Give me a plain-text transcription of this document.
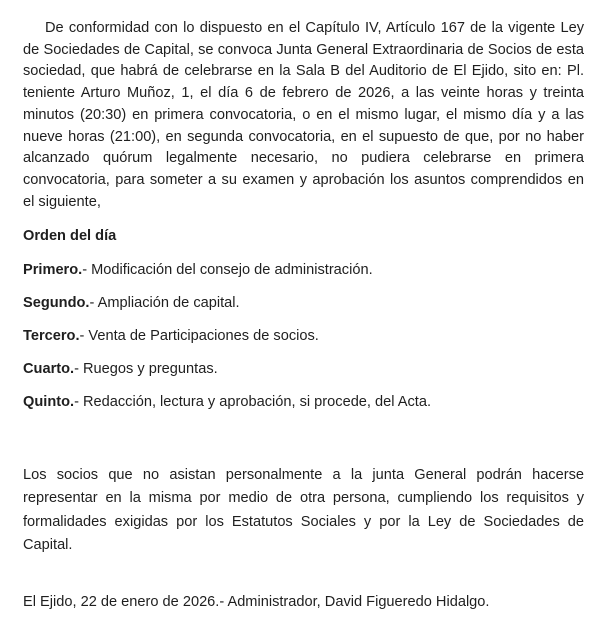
De conformidad con lo dispuesto en el Capítulo IV, Artículo 167 de la vigente Ley de Sociedades de Capital, se convoca Junta General Extraordinaria de Socios de esta sociedad, que habrá de celebrarse en la Sala B del Auditorio de El Ejido, sito en: Pl. teniente Arturo Muñoz, 1, el día 6 de febrero de 2026, a las veinte horas y treinta minutos (20:30) en primera convocatoria, o en el mismo lugar, el mismo día y a las nueve horas (21:00), en segunda convocatoria, en el supuesto de que, por no haber alcanzado quórum legalmente necesario, no pudiera celebrarse en primera convocatoria, para someter a su examen y aprobación los asuntos comprendidos en el siguiente,

Orden del día

Primero.- Modificación del consejo de administración.

Segundo.- Ampliación de capital.

Tercero.- Venta de Participaciones de socios.

Cuarto.- Ruegos y preguntas.

Quinto.- Redacción, lectura y aprobación, si procede, del Acta.

Los socios que no asistan personalmente a la junta General podrán hacerse representar en la misma por medio de otra persona, cumpliendo los requisitos y formalidades exigidas por los Estatutos Sociales y por la Ley de Sociedades de Capital.

El Ejido, 22 de enero de 2026.- Administrador, David Figueredo Hidalgo.
